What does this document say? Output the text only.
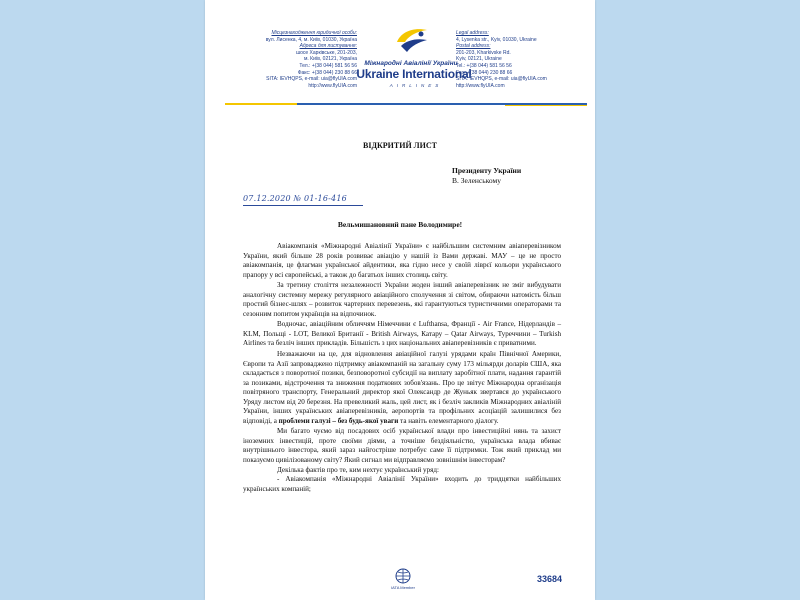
Місцезнаходження юридичної особи:
вул. Лисенка, 4, м. Київ, 01030, Україна
Адреса для листування:
шосе Харківське, 201-203,
м. Київ, 02121, Україна
Тел.: +(38 044) 581 56 56
Факс: +(38 044) 230 88 66
SITA: IEVHQPS, e-mail: uia@flyUIA.com
http://www.flyUIA.com
Legal address:
4, Lysenka str., Kyiv, 01030, Ukraine
Postal address:
201-203, Kharkivske Rd.
Kyiv, 02121, Ukraine
Tel.: +(38 044) 581 56 56
Fax: +(38 044) 230 88 66
SITA: IEVHQPS, e-mail: uia@flyUIA.com
http://www.flyUIA.com
Міжнародні Авіалінії України
Ukraine International
AIRLINES
ВІДКРИТИЙ ЛИСТ
Президенту України
В. Зеленському
07.12.2020 № 01-16-416
Вельмишановний пане Володимире!

Авіакомпанія «Міжнародні Авіалінії України» є найбільшим системним авіаперевізником України, який більше 28 років розвиває авіацію у нашій із Вами державі. МАУ – це не просто авіакомпанія, це флагман української айдентики, яка гідно несе у своїй ліврєї кольори українського прапору у всі європейські, а також до багатьох інших столиць світу.

За третину століття незалежності України жоден інший авіаперевізник не зміг вибудувати аналогічну системну мережу регулярного авіаційного сполучення зі світом, обираючи натомість більш простий бізнес-шлях – розвиток чартерних перевезень, які гарантуються туристичними операторами та сезонним попитом українців на відпочинок.

Водночас, авіаційним обличчям Німеччини є Lufthansa, Франції - Air France, Нідерландів – KLM, Польщі - LOT, Великої Британії - British Airways, Катару – Qatar Airways, Туреччини – Turkish Airlines та безліч інших прикладів. Більшість з цих національних авіаперевізників є приватними.

Незважаючи на це, для відновлення авіаційної галузі урядами країн Північної Америки, Європи та Азії запроваджено підтримку авіакомпаній на загальну суму 173 мільярди доларів США, яка складається з поворотної позики, безповоротної субсидії на виплату заробітної плати, надання гарантій за позиками, відстрочення та зниження податкових зобов'язань. Про це звітує Міжнародна організація повітряного транспорту, Генеральний директор якої Олександр де Жуньяк звертався до українського Уряду листом від 20 березня. На превеликий жаль, цей лист, як і безліч закликів Міжнародних авіаліній України, інших українських авіаперевізників, аеропортів та профільних асоціацій залишилися без відповіді, а проблеми галузі – без будь-якої уваги та навіть елементарного діалогу.

Ми багато чуємо від посадових осіб української влади про інвестиційні нянь та захист іноземних інвестицій, проте своїми діями, а точніше бездіяльністю, українська влада вбиває внутрішнього інвестора, який зараз найгостріше потребує саме її підтримки. Тож який приклад ми показуємо цивілізованому світу? Який сигнал ми відправляємо зовнішнім інвесторам?

Декілька фактів про те, ким нехтує український уряд:

- Авіакомпанія «Міжнародні Авіалінії України» входить до тридцятки найбільших українських компаній;

IATA Member
33684
